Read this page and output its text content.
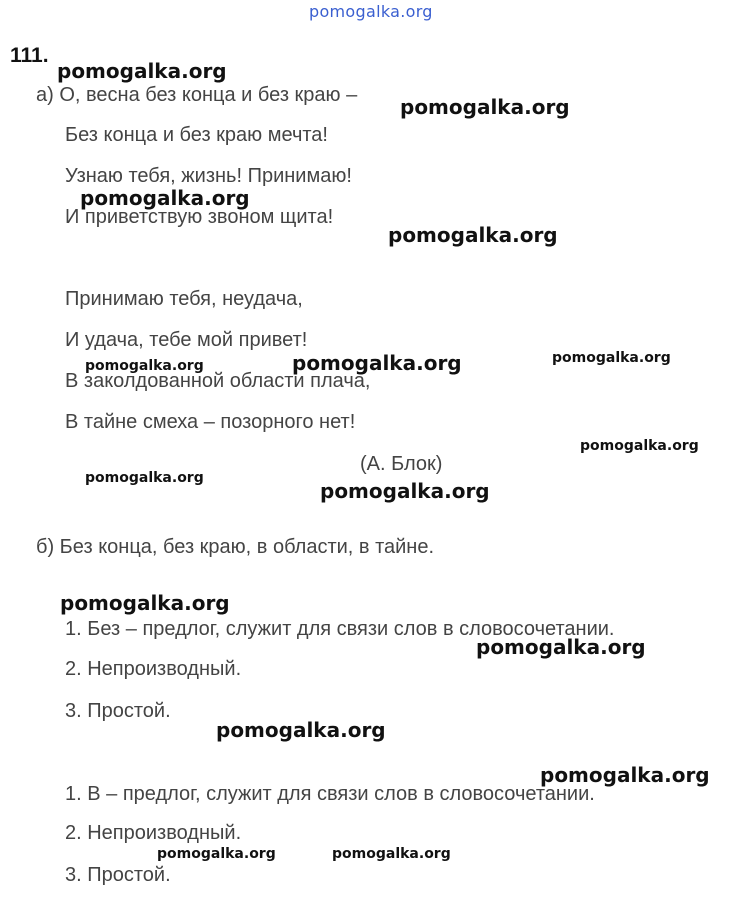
pomogalka.org
111.
а) О, весна без конца и без краю –
Без конца и без краю мечта!
Узнаю тебя, жизнь! Принимаю!
И приветствую звоном щита!
Принимаю тебя, неудача,
И удача, тебе мой привет!
В заколдованной области плача,
В тайне смеха – позорного нет!
(А. Блок)
б) Без конца, без краю, в области, в тайне.
1. Без – предлог, служит для связи слов в словосочетании.
2. Непроизводный.
3. Простой.
1. В – предлог, служит для связи слов в словосочетании.
2. Непроизводный.
3. Простой.
pomogalka.org
pomogalka.org
pomogalka.org
pomogalka.org
pomogalka.org	pomogalka.org	pomogalka.org
pomogalka.org
pomogalka.org
pomogalka.org
pomogalka.org
pomogalka.org
pomogalka.org
pomogalka.org
pomogalka.org	pomogalka.org
